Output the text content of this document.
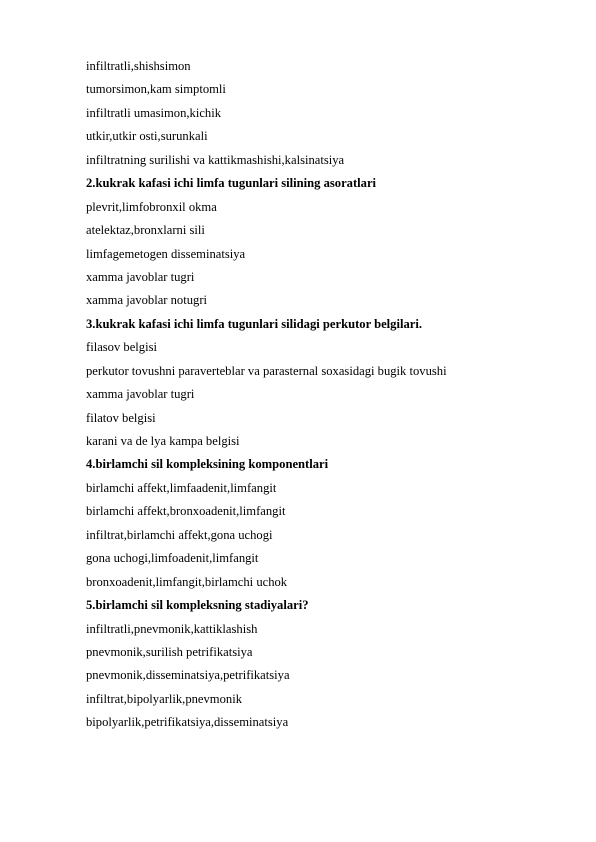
infiltratli,shishsimon
tumorsimon,kam simptomli
infiltratli umasimon,kichik
utkir,utkir osti,surunkali
infiltratning surilishi va kattikmashishi,kalsinatsiya
2.kukrak kafasi ichi limfa tugunlari silining asoratlari
plevrit,limfobronxil okma
atelektaz,bronxlarni sili
limfagemetogen disseminatsiya
xamma javoblar tugri
xamma javoblar notugri
3.kukrak kafasi ichi limfa tugunlari silidagi perkutor belgilari.
filasov belgisi
perkutor tovushni paraverteblar va parasternal soxasidagi bugik tovushi
xamma javoblar tugri
filatov belgisi
karani va de lya kampa belgisi
4.birlamchi sil kompleksining komponentlari
birlamchi affekt,limfaadenit,limfangit
birlamchi affekt,bronxoadenit,limfangit
infiltrat,birlamchi affekt,gona uchogi
gona uchogi,limfoadenit,limfangit
bronxoadenit,limfangit,birlamchi uchok
5.birlamchi sil kompleksning stadiyalari?
infiltratli,pnevmonik,kattiklashish
pnevmonik,surilish petrifikatsiya
pnevmonik,disseminatsiya,petrifikatsiya
infiltrat,bipolyarlik,pnevmonik
bipolyarlik,petrifikatsiya,disseminatsiya
